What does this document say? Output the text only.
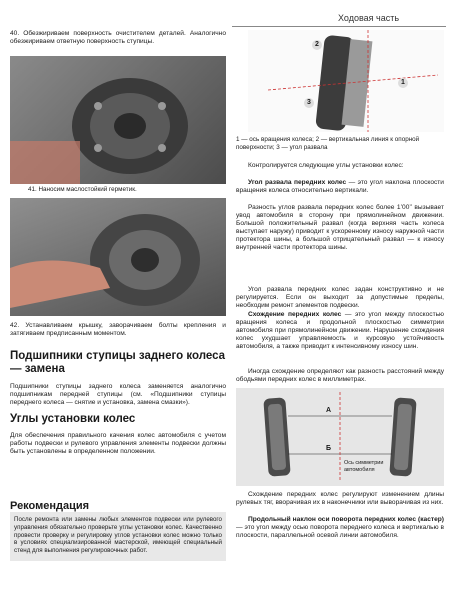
Ходовая часть
40. Обезжириваем поверхность очистителем деталей. Аналогично обезжириваем ответную поверхность ступицы.
41. Наносим маслостойкий герметик.
42. Устанавливаем крышку, заворачиваем болты крепления и затягиваем предписанным моментом.
Подшипники ступицы заднего колеса — замена
Подшипники ступицы заднего колеса заменяется аналогично подшипникам передней ступицы (см. «Подшипники ступицы переднего колеса — снятие и установка, замена смазки»).
Углы установки колес
Для обеспечения правильного качения колес автомобиля с учетом работы подвески и рулевого управления элементы подвески должны быть установлены в определенном положении.
Рекомендация
После ремонта или замены любых элементов подвески или рулевого управления обязательно проверьте углы установки колес. Качественно провести проверку и регулировку углов установки колес можно только в условиях специализированной мастерской, имеющей специальный стенд для выполнения регулировочных работ.
1
2
3
1 — ось вращения колеса; 2 — вертикальная линия к опорной поверхности; 3 — угол развала
Контролируется следующие углы установки колес:
Угол развала передних колес — это угол наклона плоскости вращения колеса относительно вертикали.
Разность углов развала передних колес более 1’00’’ вызывает увод автомобиля в сторону при прямолинейном движении. Большой положительный развал (когда верхняя часть колеса выступает наружу) приводит к ускоренному износу наружной части протектора шины, а большой отрицательный развал — к износу внутренней части протектора шины.
Угол развала передних колес задан конструктивно и не регулируется. Если он выходит за допустимые пределы, необходим ремонт элементов подвески.
Схождение передних колес — это угол между плоскостью вращения колеса и продольной плоскостью симметрии автомобиля при прямолинейном движении. Нарушение схождения колес ухудшает управляемость и курсовую устойчивость автомобиля, а также приводит к интенсивному износу шин.
Иногда схождение определяют как разность расстояний между ободьями передних колес в миллиметрах.
A
Б
Ось симметрии автомобиля
Схождение передних колес регулируют изменением длины рулевых тяг, вворачивая их в наконечники или выворачивая из них.
Продольный наклон оси поворота передних колес (кастер) — это угол между осью поворота переднего колеса и вертикалью в плоскости, параллельной осевой линии автомобиля.
